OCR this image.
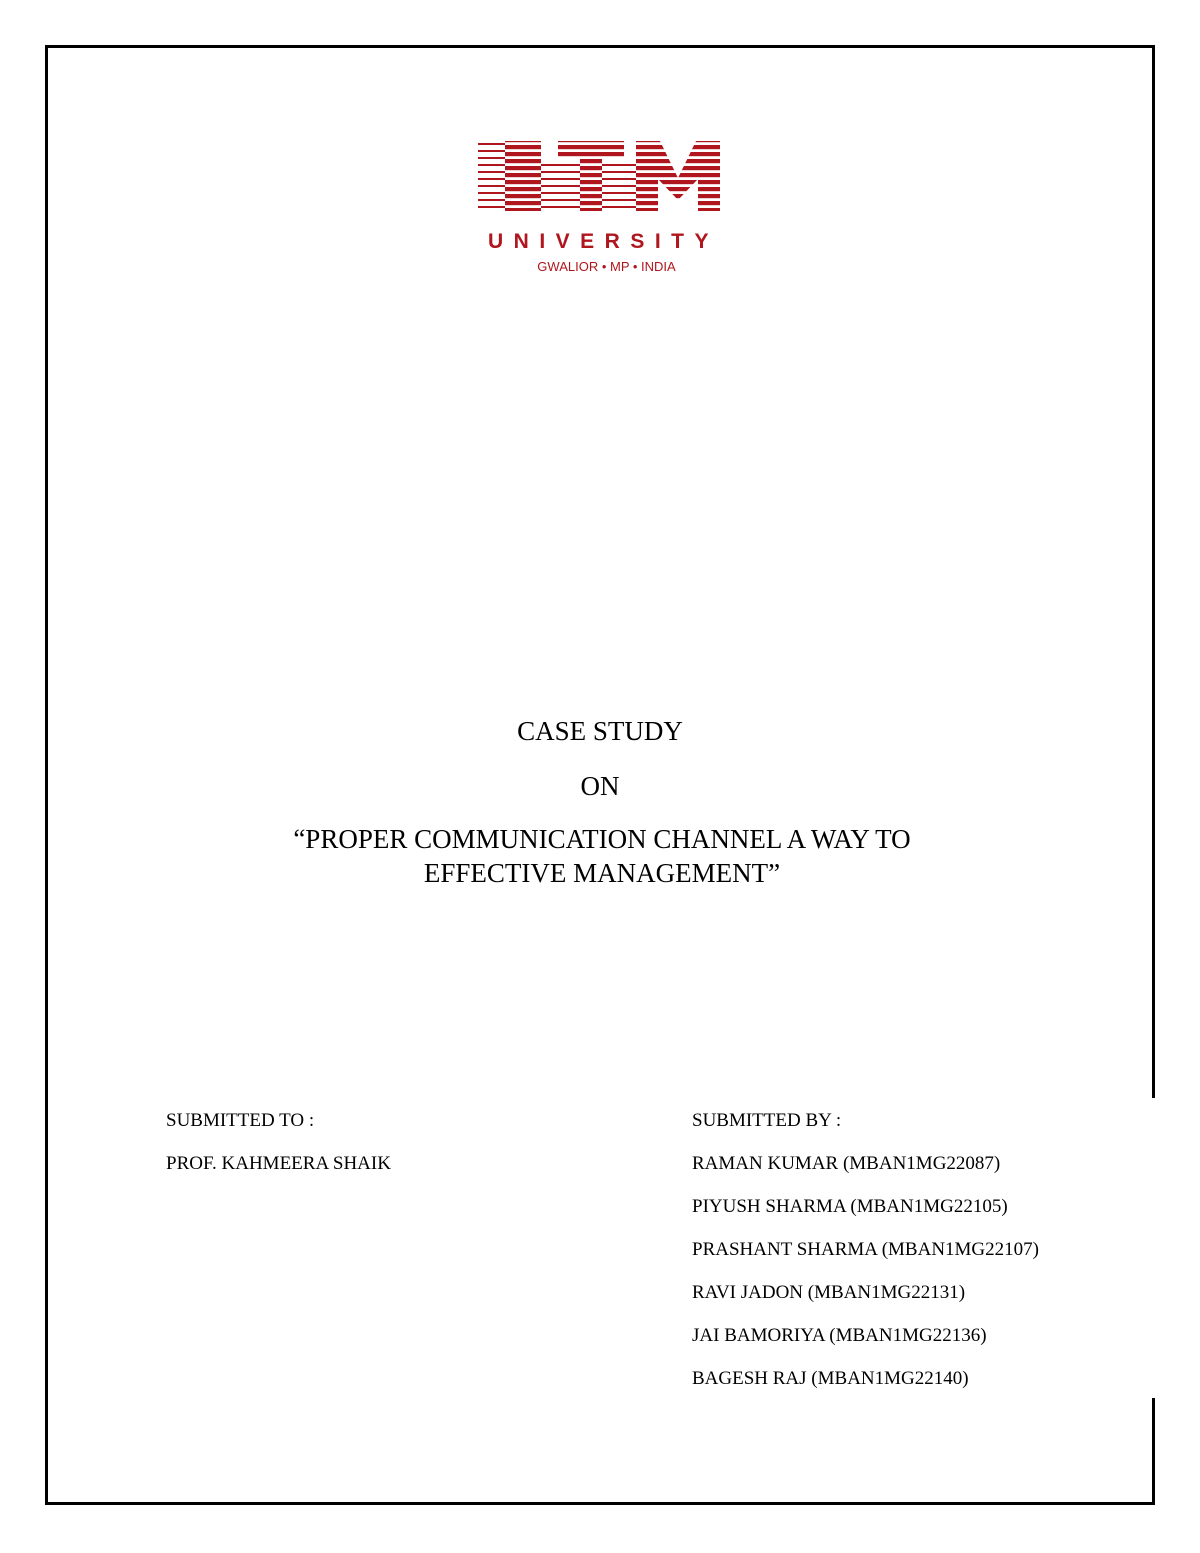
UNIVERSITY
GWALIOR • MP • INDIA
CASE STUDY
ON
“PROPER COMMUNICATION CHANNEL A WAY TO
EFFECTIVE MANAGEMENT”
SUBMITTED TO :
PROF. KAHMEERA SHAIK
SUBMITTED BY :
RAMAN KUMAR (MBAN1MG22087)
PIYUSH SHARMA (MBAN1MG22105)
PRASHANT SHARMA (MBAN1MG22107)
RAVI JADON (MBAN1MG22131)
JAI BAMORIYA (MBAN1MG22136)
BAGESH RAJ (MBAN1MG22140)
